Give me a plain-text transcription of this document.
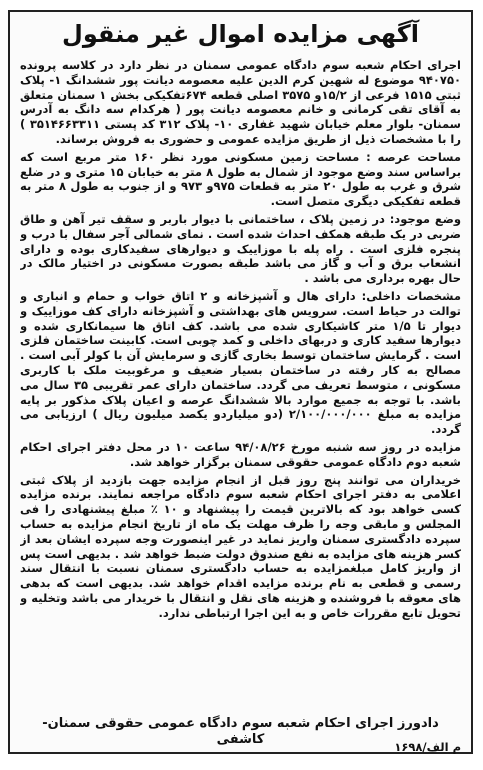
آگهی مزایده اموال غیر منقول

اجرای احکام شعبه سوم دادگاه عمومی سمنان در نظر دارد در کلاسه پرونده ۹۴۰۷۵۰ موضوع له شهین کرم الدین علیه معصومه دیانت پور ششدانگ ۱- پلاک ثبتی ۱۵۱۵ فرعی از ۱۵/۲و ۳۵۷۵ اصلی قطعه ۶۷۴تفکیکی بخش ۱ سمنان متعلق به آقای تقی کرمانی و خانم معصومه دیانت پور ( هرکدام سه دانگ به آدرس سمنان- بلوار معلم خیابان شهید غفاری ۱۰- پلاک ۳۱۲ کد پستی ۳۵۱۴۶۶۳۳۱۱ ) را با مشخصات ذیل از طریق مزایده عمومی و حضوری به فروش برساند.

مساحت عرصه : مساحت زمین مسکونی مورد نظر ۱۶۰ متر مربع است که براساس سند وضع موجود از شمال به طول ۸ متر به خیابان ۱۵ متری و در ضلع شرق و غرب به طول ۲۰ متر به قطعات ۹۷۵و ۹۷۳ و از جنوب به طول ۸ متر به قطعه تفکیکی دیگری متصل است.

وضع موجود: در زمین پلاک ، ساختمانی با دیوار باربر و سقف تیر آهن و طاق ضربی در یک طبقه همکف احداث شده است . نمای شمالی آجر سفال با درب و پنجره فلزی است . راه پله با موزاییک و دیوارهای سفیدکاری بوده و دارای انشعاب برق و آب و گاز می باشد طبقه بصورت مسکونی در اختیار مالک در حال بهره برداری می باشد .

مشخصات داخلی: دارای هال و آشپزخانه و ۲ اتاق خواب و حمام و انباری و توالت در حیاط است. سرویس های بهداشتی و آشپزخانه دارای کف موزاییک و دیوار تا ۱/۵ متر کاشیکاری شده می باشد. کف اتاق ها سیمانکاری شده و دیوارها سفید کاری و دربهای داخلی و کمد چوبی است. کابینت ساختمان فلزی است . گرمایش ساختمان توسط بخاری گازی و سرمایش آن با کولر آبی است . مصالح به کار رفته در ساختمان بسیار ضعیف و مرغوبیت ملک با کاربری مسکونی ، متوسط تعریف می گردد. ساختمان دارای عمر تقریبی ۳۵ سال می باشد. با توجه به جمیع موارد بالا ششدانگ عرصه و اعیان پلاک مذکور بر پایه مزایده به مبلغ ۲/۱۰۰/۰۰۰/۰۰۰ (دو میلیاردو یکصد میلیون ریال ) ارزیابی می گردد.

مزایده در روز سه شنبه مورخ ۹۴/۰۸/۲۶ ساعت ۱۰ در محل دفتر اجرای احکام شعبه دوم دادگاه عمومی حقوقی سمنان برگزار خواهد شد.

خریداران می توانند پنج روز قبل از انجام مزایده جهت بازدید از پلاک ثبتی اعلامی به دفتر اجرای احکام شعبه سوم دادگاه مراجعه نمایند. برنده مزایده کسی خواهد بود که بالاترین قیمت را پیشنهاد و ۱۰ ٪ مبلغ پیشنهادی را فی المجلس و مابقی وجه را ظرف مهلت یک ماه از تاریخ انجام مزایده به حساب سپرده دادگستری سمنان واریز نماید در غیر اینصورت وجه سپرده ایشان بعد از کسر هزینه های مزایده به نفع صندوق دولت ضبط خواهد شد . بدیهی است پس از واریز کامل مبلغمزایده به حساب دادگستری سمنان نسبت با انتقال سند رسمی و قطعی به نام برنده مزایده اقدام خواهد شد. بدیهی است که بدهی های معوقه با فروشنده و هزینه های نقل و انتقال با خریدار می باشد وتخلیه و تحویل تابع مقررات خاص و به این اجرا ارتباطی ندارد.

دادورز اجرای احکام شعبه سوم دادگاه عمومی حقوقی سمنان- کاشفی	م الف/۱۶۹۸
